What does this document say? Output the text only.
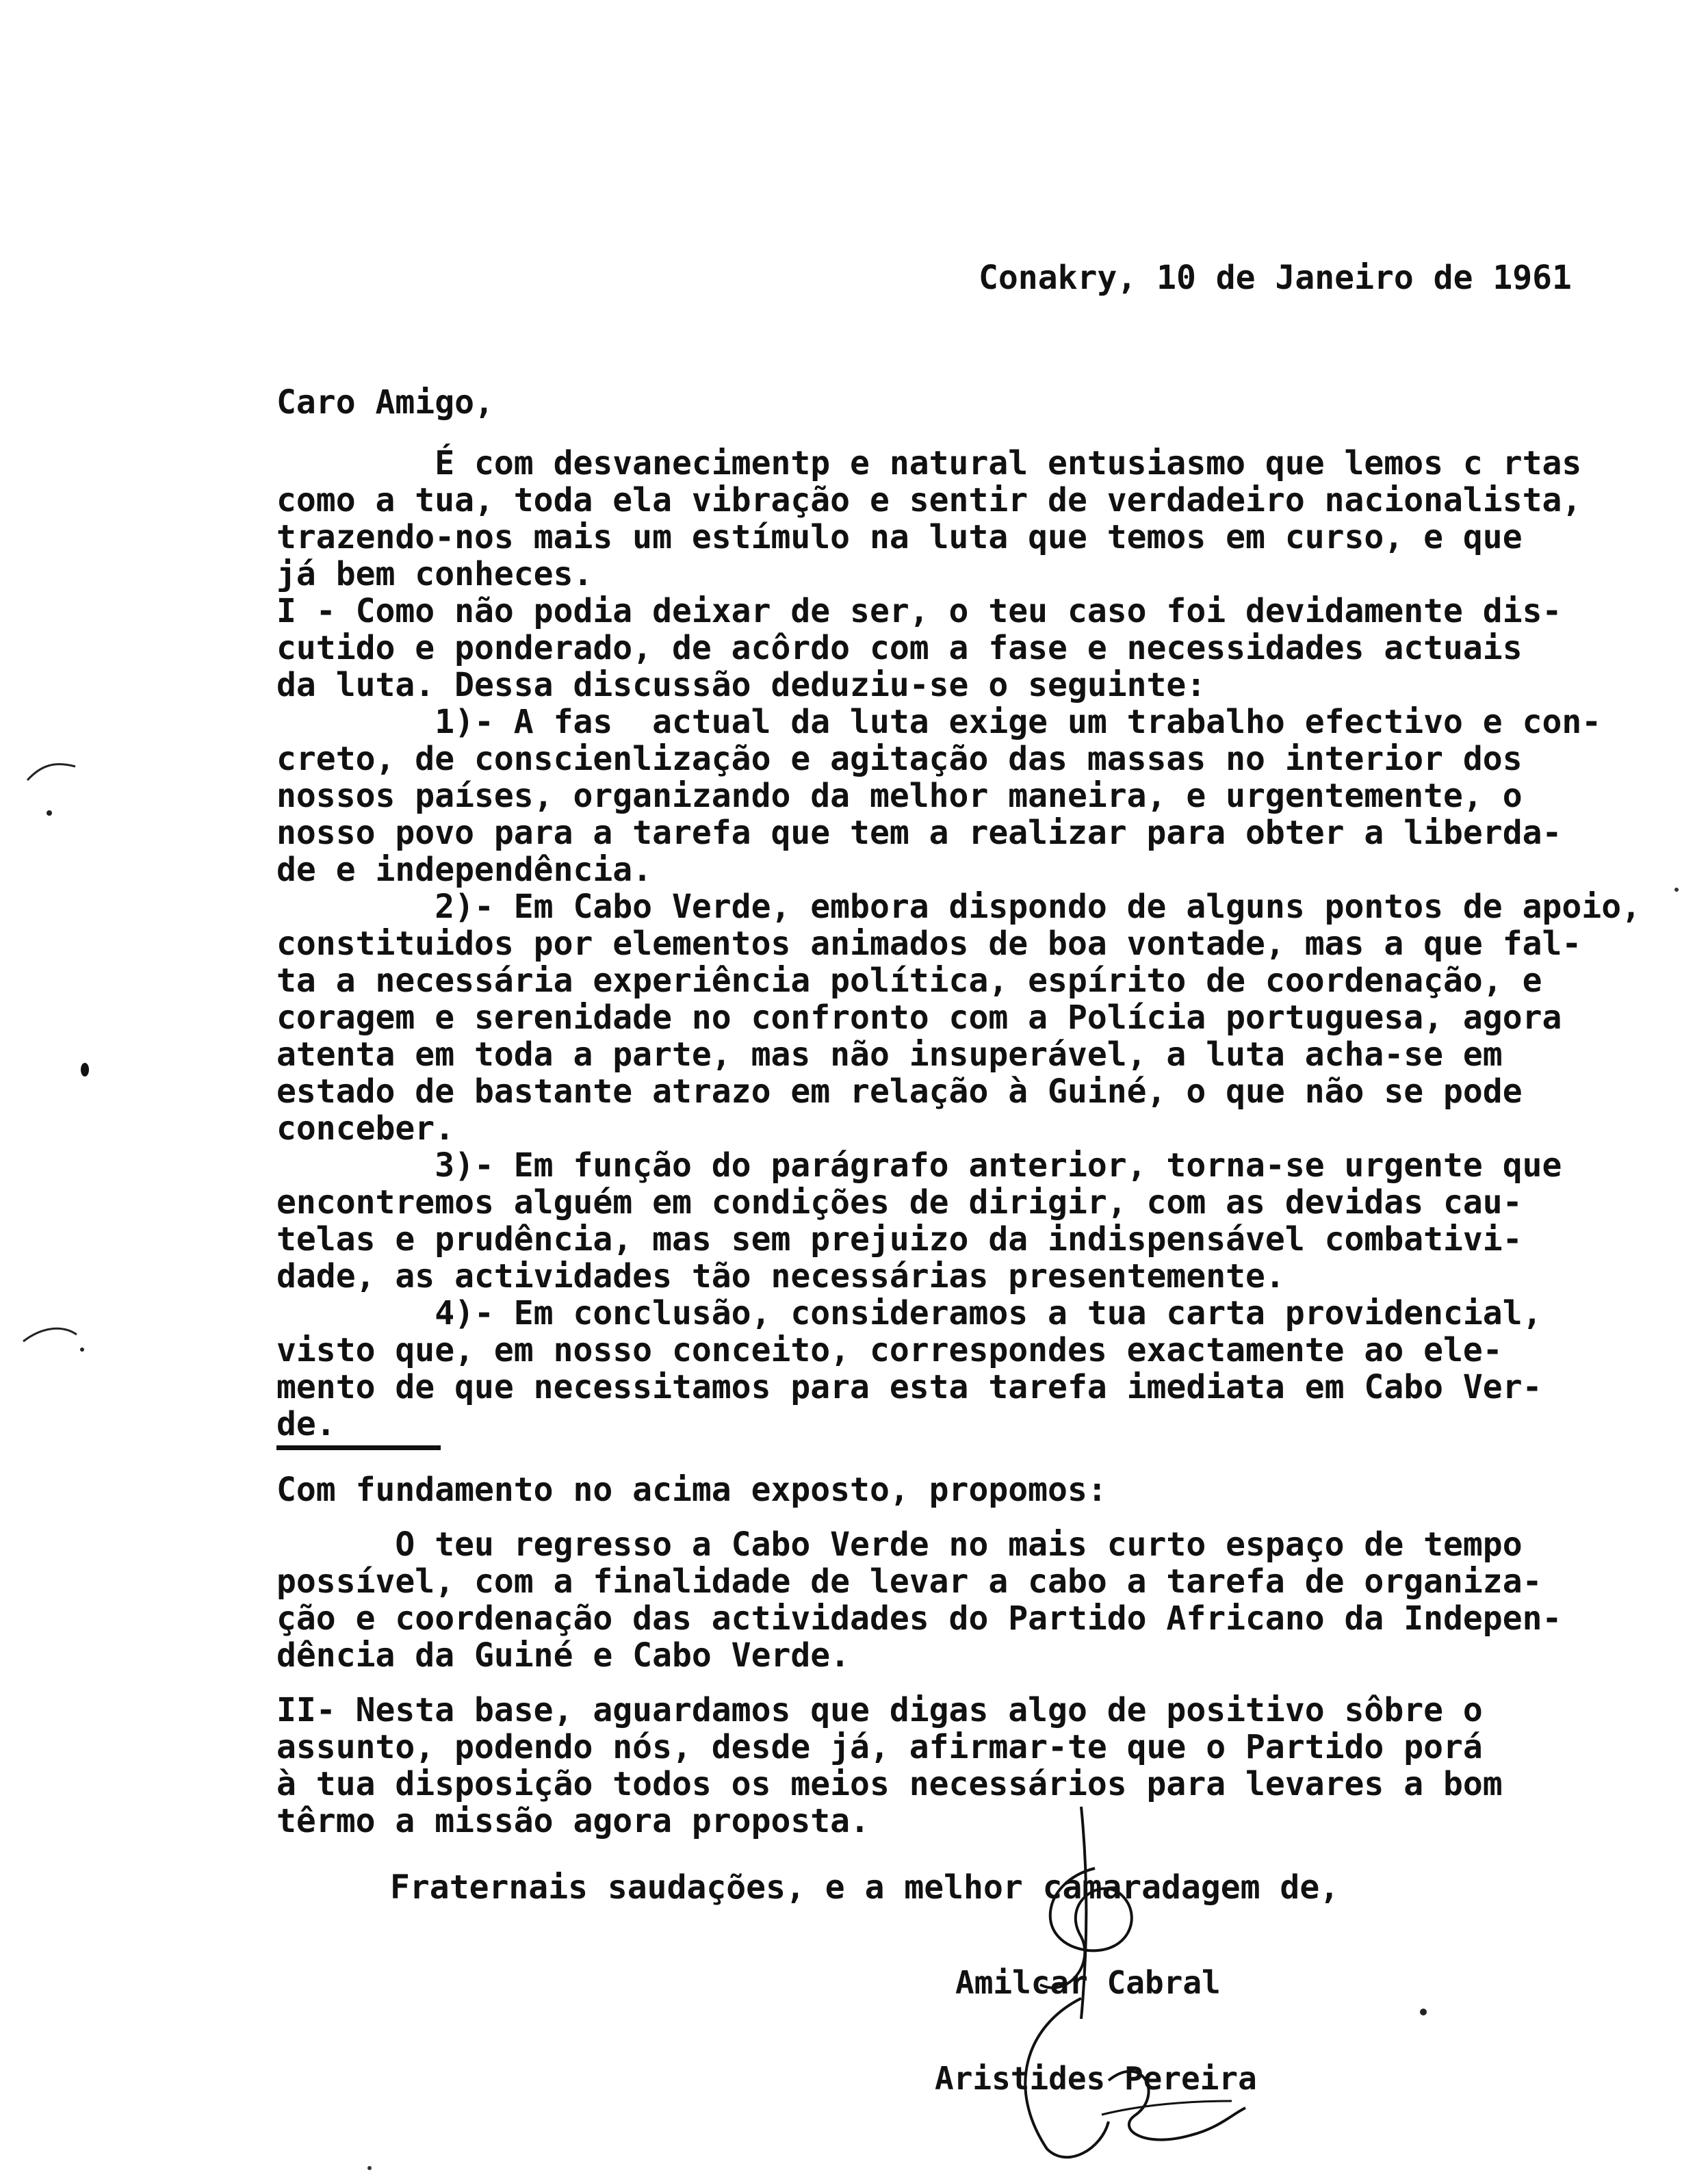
Conakry, 10 de Janeiro de 1961
Caro Amigo,
É com desvanecimentp e natural entusiasmo que lemos c rtas
como a tua, toda ela vibração e sentir de verdadeiro nacionalista,
trazendo-nos mais um estímulo na luta que temos em curso, e que
já bem conheces.
I - Como não podia deixar de ser, o teu caso foi devidamente dis-
cutido e ponderado, de acôrdo com a fase e necessidades actuais
da luta. Dessa discussão deduziu-se o seguinte:
1)- A fas  actual da luta exige um trabalho efectivo e con-
creto, de conscienlização e agitação das massas no interior dos
nossos países, organizando da melhor maneira, e urgentemente, o
nosso povo para a tarefa que tem a realizar para obter a liberda-
de e independência.
2)- Em Cabo Verde, embora dispondo de alguns pontos de apoio,
constituidos por elementos animados de boa vontade, mas a que fal-
ta a necessária experiência política, espírito de coordenação, e
coragem e serenidade no confronto com a Polícia portuguesa, agora
atenta em toda a parte, mas não insuperável, a luta acha-se em
estado de bastante atrazo em relação à Guiné, o que não se pode
conceber.
3)- Em função do parágrafo anterior, torna-se urgente que
encontremos alguém em condições de dirigir, com as devidas cau-
telas e prudência, mas sem prejuizo da indispensável combativi-
dade, as actividades tão necessárias presentemente.
4)- Em conclusão, consideramos a tua carta providencial,
visto que, em nosso conceito, correspondes exactamente ao ele-
mento de que necessitamos para esta tarefa imediata em Cabo Ver-
de.
Com fundamento no acima exposto, propomos:
O teu regresso a Cabo Verde no mais curto espaço de tempo
possível, com a finalidade de levar a cabo a tarefa de organiza-
ção e coordenação das actividades do Partido Africano da Indepen-
dência da Guiné e Cabo Verde.
II- Nesta base, aguardamos que digas algo de positivo sôbre o
assunto, podendo nós, desde já, afirmar-te que o Partido porá
à tua disposição todos os meios necessários para levares a bom
têrmo a missão agora proposta.
Fraternais saudações, e a melhor camaradagem de,
Amilcar Cabral
Aristides Pereira
